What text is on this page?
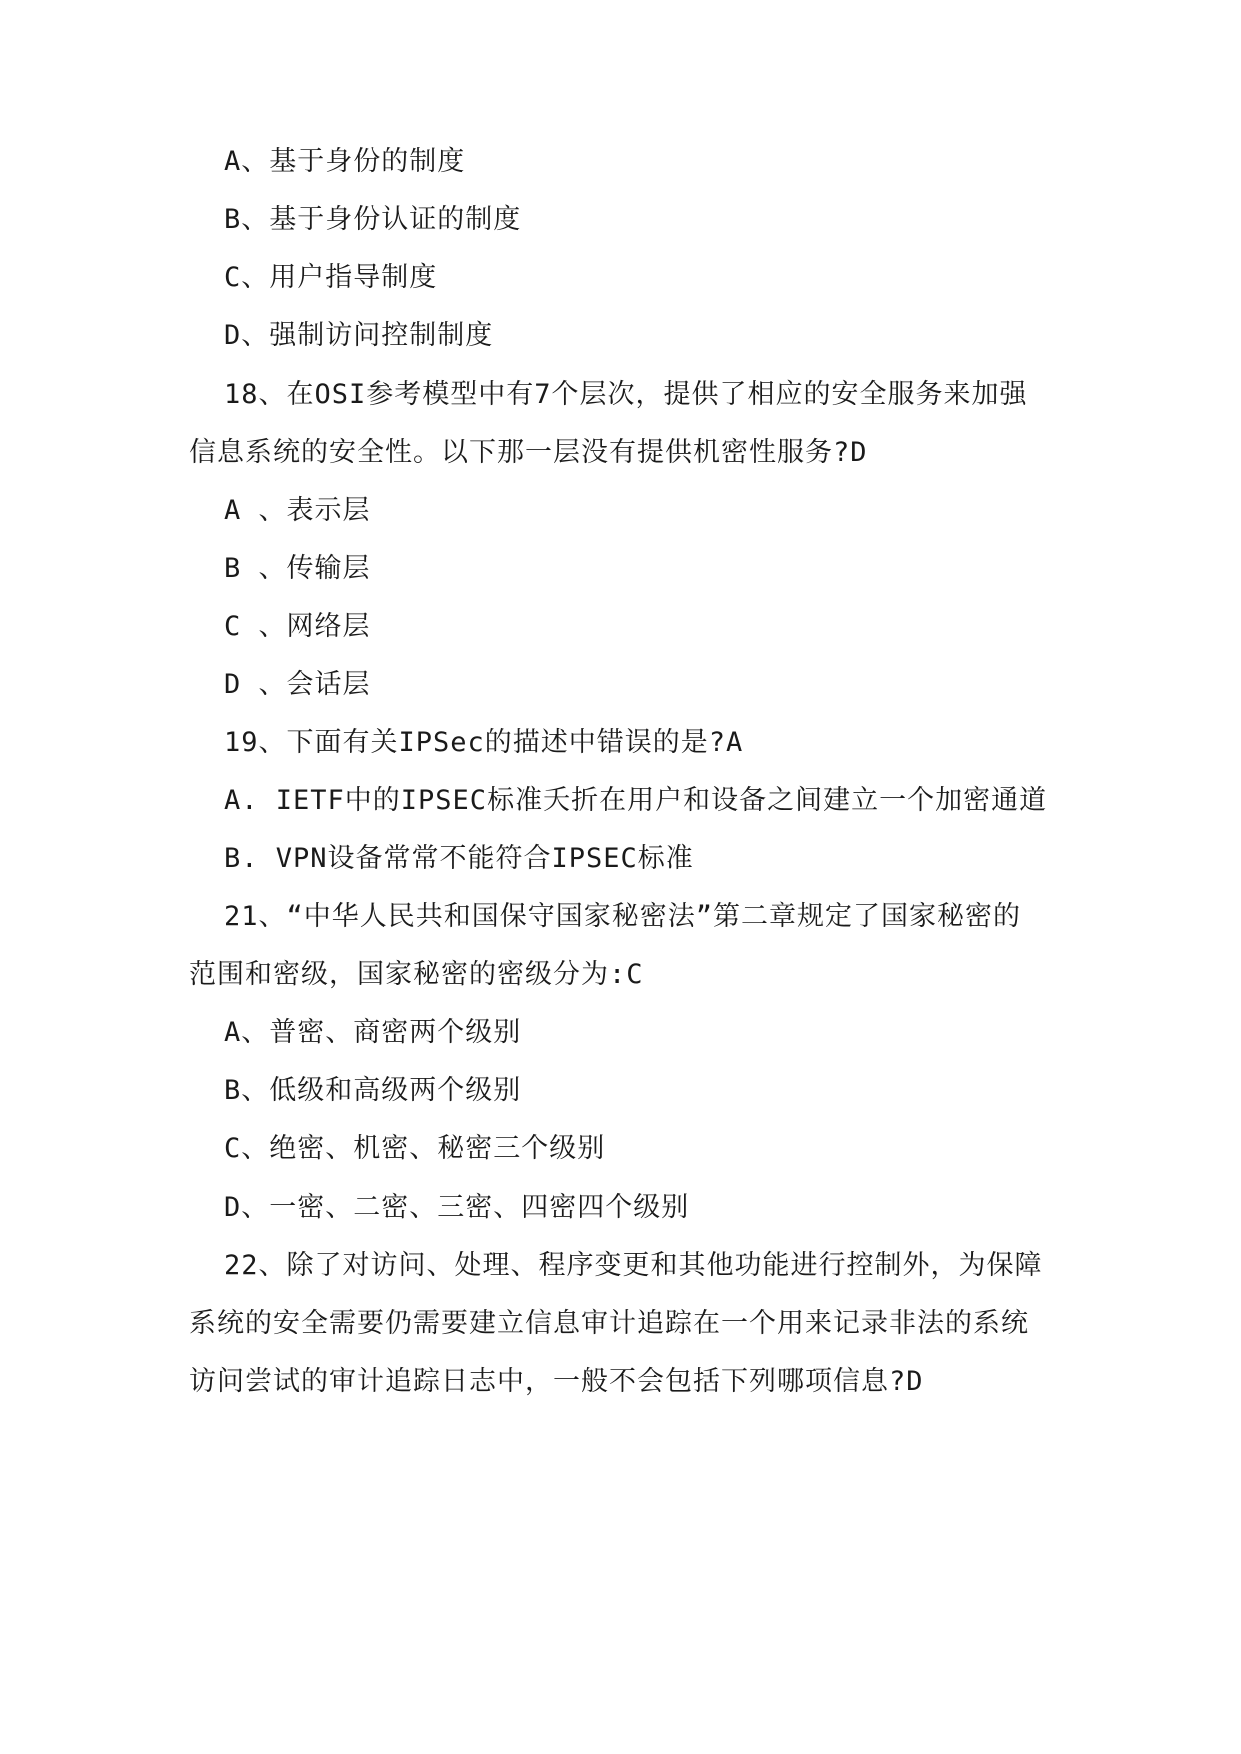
A、基于身份的制度
B、基于身份认证的制度
C、用户指导制度
D、强制访问控制制度
18、在OSI参考模型中有7个层次，提供了相应的安全服务来加强
信息系统的安全性。以下那一层没有提供机密性服务?D
A 、表示层
B 、传输层
C 、网络层
D 、会话层
19、下面有关IPSec的描述中错误的是?A
A. IETF中的IPSEC标准夭折在用户和设备之间建立一个加密通道
B. VPN设备常常不能符合IPSEC标准
21、“中华人民共和国保守国家秘密法”第二章规定了国家秘密的
范围和密级，国家秘密的密级分为:C
A、普密、商密两个级别
B、低级和高级两个级别
C、绝密、机密、秘密三个级别
D、一密、二密、三密、四密四个级别
22、除了对访问、处理、程序变更和其他功能进行控制外，为保障
系统的安全需要仍需要建立信息审计追踪在一个用来记录非法的系统
访问尝试的审计追踪日志中，一般不会包括下列哪项信息?D
